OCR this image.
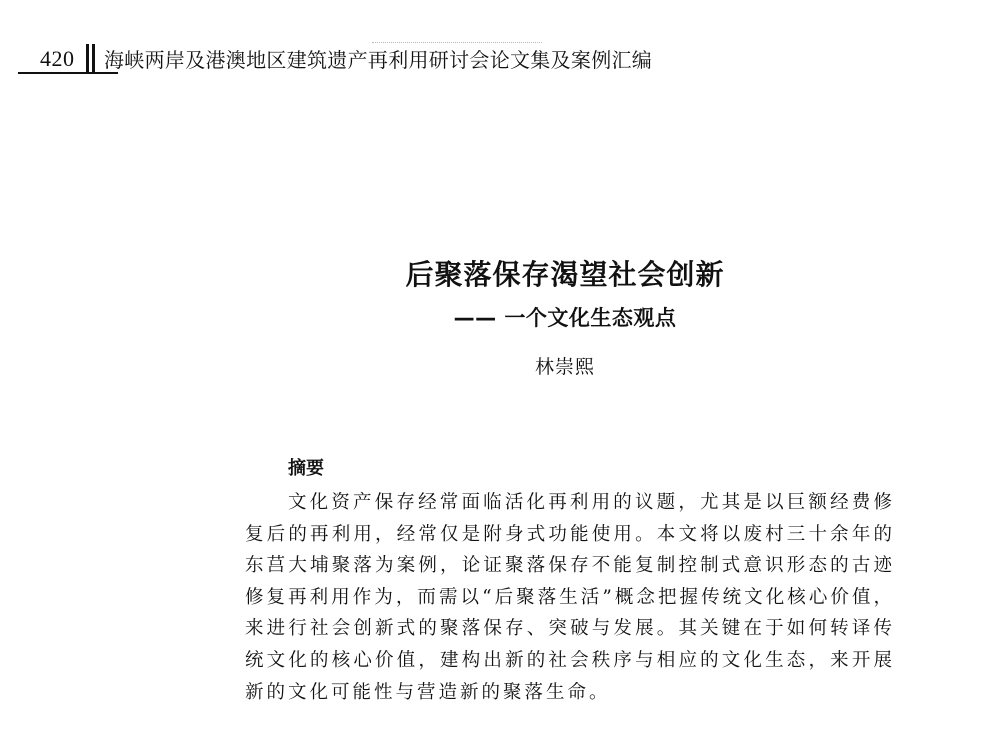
420 海峡两岸及港澳地区建筑遗产再利用研讨会论文集及案例汇编
后聚落保存渴望社会创新
—— 一个文化生态观点
林崇熙
摘要

文化资产保存经常面临活化再利用的议题，尤其是以巨额经费修复后的再利用，经常仅是附身式功能使用。本文将以废村三十余年的东莒大埔聚落为案例，论证聚落保存不能复制控制式意识形态的古迹修复再利用作为，而需以“后聚落生活”概念把握传统文化核心价值，来进行社会创新式的聚落保存、突破与发展。其关键在于如何转译传统文化的核心价值，建构出新的社会秩序与相应的文化生态，来开展新的文化可能性与营造新的聚落生命。
